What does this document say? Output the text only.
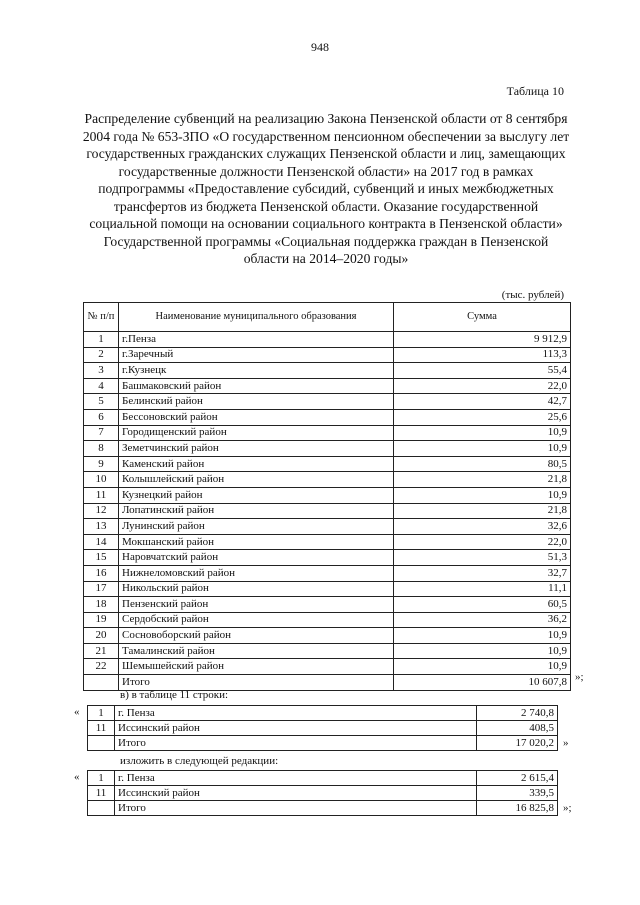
948
Таблица 10
Распределение субвенций на реализацию Закона Пензенской области от 8 сентября 2004 года № 653-ЗПО «О государственном пенсионном обеспечении за выслугу лет государственных гражданских служащих Пензенской области и лиц, замещающих государственные должности Пензенской области» на 2017 год в рамках подпрограммы «Предоставление субсидий, субвенций и иных межбюджетных трансфертов из бюджета Пензенской области. Оказание государственной социальной помощи на основании социального контракта в Пензенской области» Государственной программы «Социальная поддержка граждан в Пензенской области на 2014–2020 годы»
(тыс. рублей)
№ п/п	Наименование муниципального образования	Сумма
1	г.Пенза	9 912,9
2	г.Заречный	113,3
3	г.Кузнецк	55,4
4	Башмаковский район	22,0
5	Белинский район	42,7
6	Бессоновский район	25,6
7	Городищенский район	10,9
8	Земетчинский район	10,9
9	Каменский район	80,5
10	Колышлейский район	21,8
11	Кузнецкий район	10,9
12	Лопатинский район	21,8
13	Лунинский район	32,6
14	Мокшанский район	22,0
15	Наровчатский район	51,3
16	Нижнеломовский район	32,7
17	Никольский район	11,1
18	Пензенский район	60,5
19	Сердобский район	36,2
20	Сосновоборский район	10,9
21	Тамалинский район	10,9
22	Шемышейский район	10,9
	Итого	10 607,8 »;
в) в таблице 11 строки:
« 1	г. Пенза	2 740,8
11	Иссинский район	408,5
	Итого	17 020,2 »
изложить в следующей редакции:
« 1	г. Пенза	2 615,4
11	Иссинский район	339,5
	Итого	16 825,8 »;
